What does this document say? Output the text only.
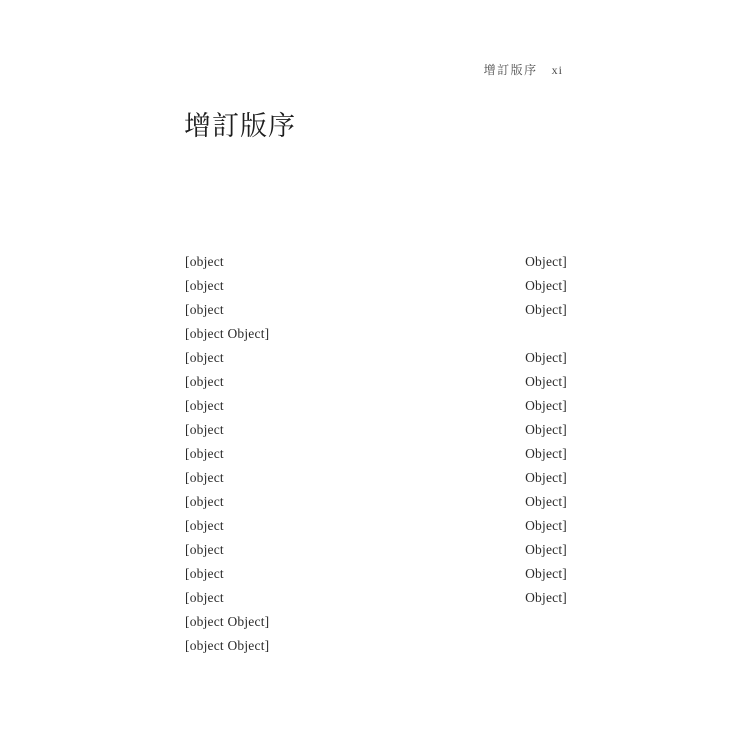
增訂版序 xi
增訂版序
[object Object]
[object Object]
[object Object]
[object Object]
[object Object]
[object Object]
[object Object]
[object Object]
[object Object]
[object Object]
[object Object]
[object Object]
[object Object]
[object Object]
[object Object]
[object Object]
[object Object]
